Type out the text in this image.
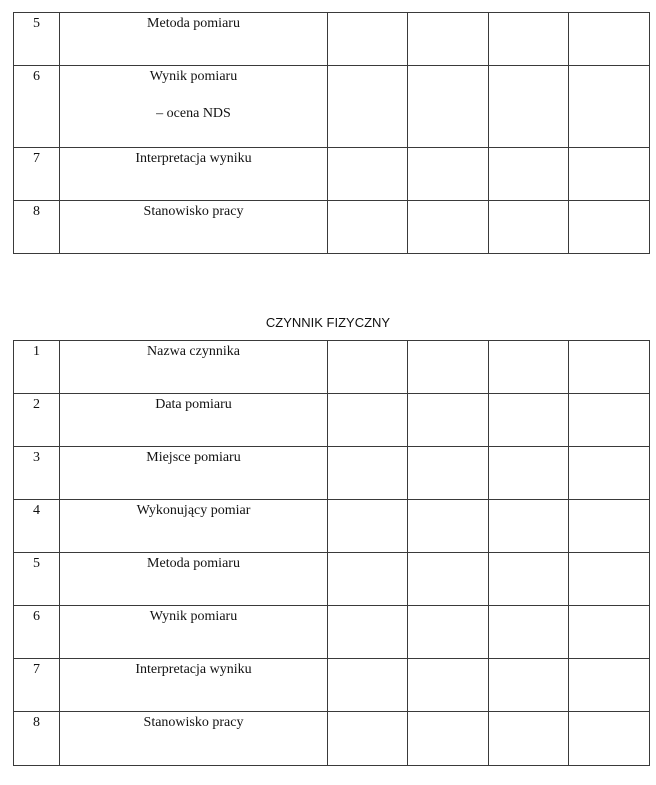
5	Metoda pomiaru				
6	Wynik pomiaru
– ocena NDS				

7	Interpretacja wyniku				
8	Stanowisko pracy				
CZYNNIK FIZYCZNY
1	Nazwa czynnika				
2	Data pomiaru				
3	Miejsce pomiaru				
4	Wykonujący pomiar				
5	Metoda pomiaru				
6	Wynik pomiaru				
7	Interpretacja wyniku				
8	Stanowisko pracy				
